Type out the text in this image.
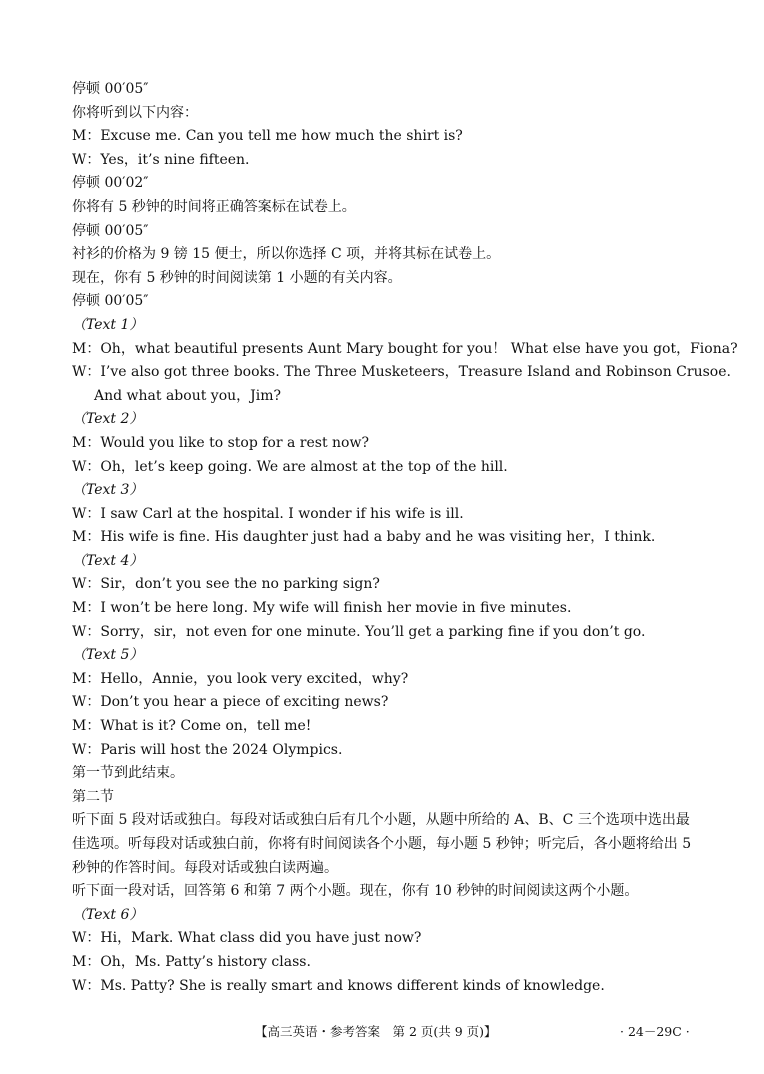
停顿 00′05″
你将听到以下内容：
M：Excuse me. Can you tell me how much the shirt is?
W：Yes，it’s nine fifteen.
停顿 00′02″
你将有 5 秒钟的时间将正确答案标在试卷上。
停顿 00′05″
衬衫的价格为 9 镑 15 便士，所以你选择 C 项，并将其标在试卷上。
现在，你有 5 秒钟的时间阅读第 1 小题的有关内容。
停顿 00′05″
（Text 1）
M：Oh，what beautiful presents Aunt Mary bought for you！ What else have you got，Fiona?
W：I’ve also got three books. The Three Musketeers，Treasure Island and Robinson Crusoe.
And what about you，Jim?
（Text 2）
M：Would you like to stop for a rest now?
W：Oh，let’s keep going. We are almost at the top of the hill.
（Text 3）
W：I saw Carl at the hospital. I wonder if his wife is ill.
M：His wife is fine. His daughter just had a baby and he was visiting her，I think.
（Text 4）
W：Sir，don’t you see the no parking sign?
M：I won’t be here long. My wife will finish her movie in five minutes.
W：Sorry，sir，not even for one minute. You’ll get a parking fine if you don’t go.
（Text 5）
M：Hello，Annie，you look very excited，why?
W：Don’t you hear a piece of exciting news?
M：What is it? Come on，tell me!
W：Paris will host the 2024 Olympics.
第一节到此结束。
第二节
听下面 5 段对话或独白。每段对话或独白后有几个小题，从题中所给的 A、B、C 三个选项中选出最佳选项。听每段对话或独白前，你将有时间阅读各个小题，每小题 5 秒钟；听完后，各小题将给出 5 秒钟的作答时间。每段对话或独白读两遍。
听下面一段对话，回答第 6 和第 7 两个小题。现在，你有 10 秒钟的时间阅读这两个小题。
（Text 6）
W：Hi，Mark. What class did you have just now?
M：Oh，Ms. Patty’s history class.
W：Ms. Patty? She is really smart and knows different kinds of knowledge.
【高三英语・参考答案　第 2 页(共 9 页)】	· 24－29C ·
